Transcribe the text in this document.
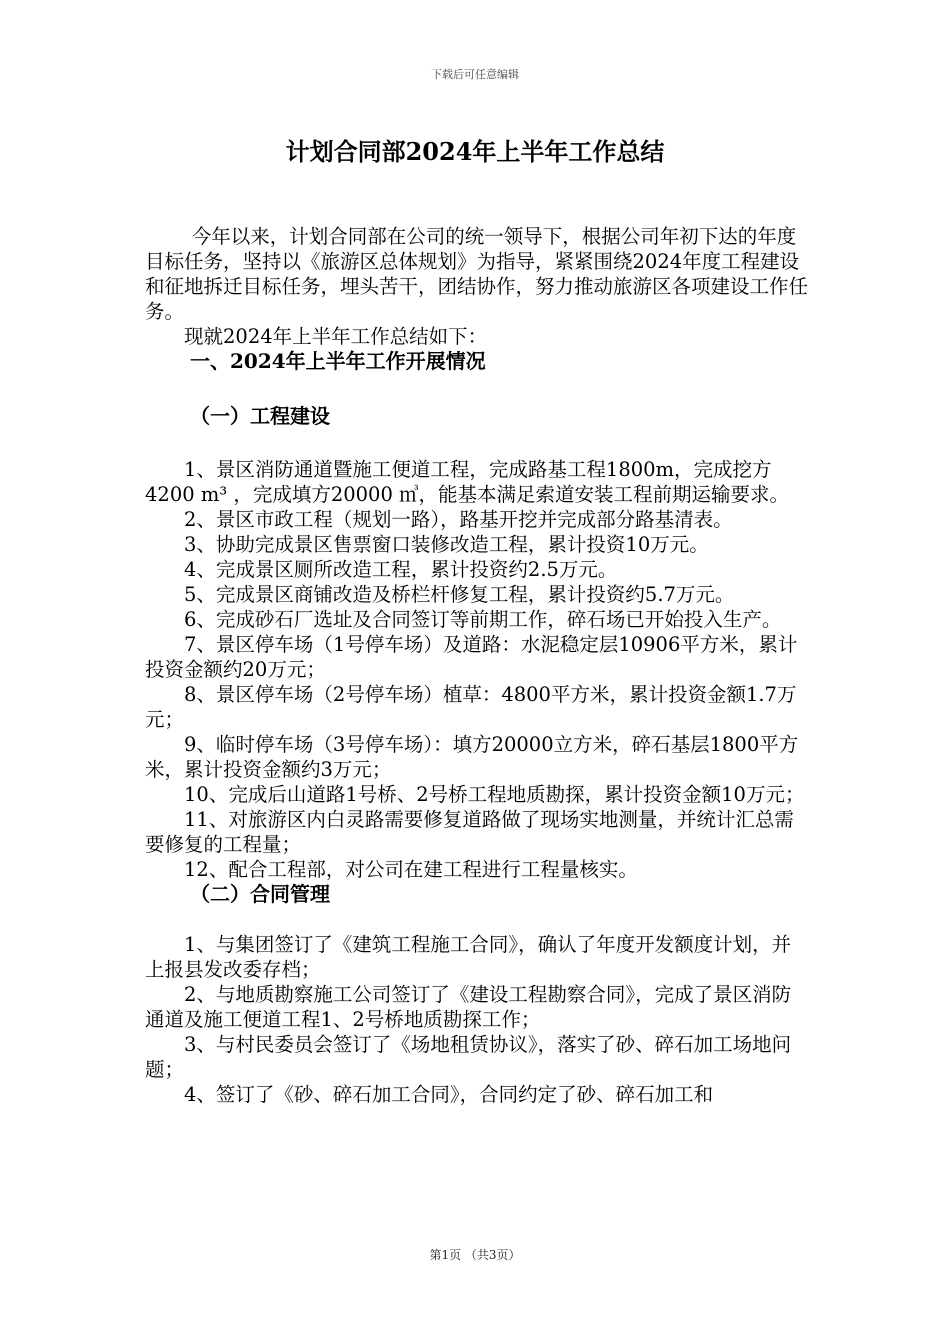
下载后可任意编辑
计划合同部2024年上半年工作总结

今年以来，计划合同部在公司的统一领导下，根据公司年初下达的年度目标任务，坚持以《旅游区总体规划》为指导，紧紧围绕2024年度工程建设和征地拆迁目标任务，埋头苦干，团结协作，努力推动旅游区各项建设工作任务。

现就2024年上半年工作总结如下：

一、2024年上半年工作开展情况

（一）工程建设

1、景区消防通道暨施工便道工程，完成路基工程1800m，完成挖方4200 m³ ，完成填方20000 ㎥，能基本满足索道安装工程前期运输要求。

2、景区市政工程（规划一路），路基开挖并完成部分路基清表。

3、协助完成景区售票窗口装修改造工程，累计投资10万元。

4、完成景区厕所改造工程，累计投资约2.5万元。

5、完成景区商铺改造及桥栏杆修复工程，累计投资约5.7万元。

6、完成砂石厂选址及合同签订等前期工作，碎石场已开始投入生产。

7、景区停车场（1号停车场）及道路：水泥稳定层10906平方米，累计投资金额约20万元；

8、景区停车场（2号停车场）植草：4800平方米，累计投资金额1.7万元；

9、临时停车场（3号停车场）：填方20000立方米，碎石基层1800平方米，累计投资金额约3万元；

10、完成后山道路1号桥、2号桥工程地质勘探，累计投资金额10万元；

11、对旅游区内白灵路需要修复道路做了现场实地测量，并统计汇总需要修复的工程量；

12、配合工程部，对公司在建工程进行工程量核实。

（二）合同管理

1、与集团签订了《建筑工程施工合同》，确认了年度开发额度计划，并上报县发改委存档；

2、与地质勘察施工公司签订了《建设工程勘察合同》，完成了景区消防通道及施工便道工程1、2号桥地质勘探工作；

3、与村民委员会签订了《场地租赁协议》，落实了砂、碎石加工场地问题；

4、签订了《砂、碎石加工合同》，合同约定了砂、碎石加工和

第1页 （共3页）
